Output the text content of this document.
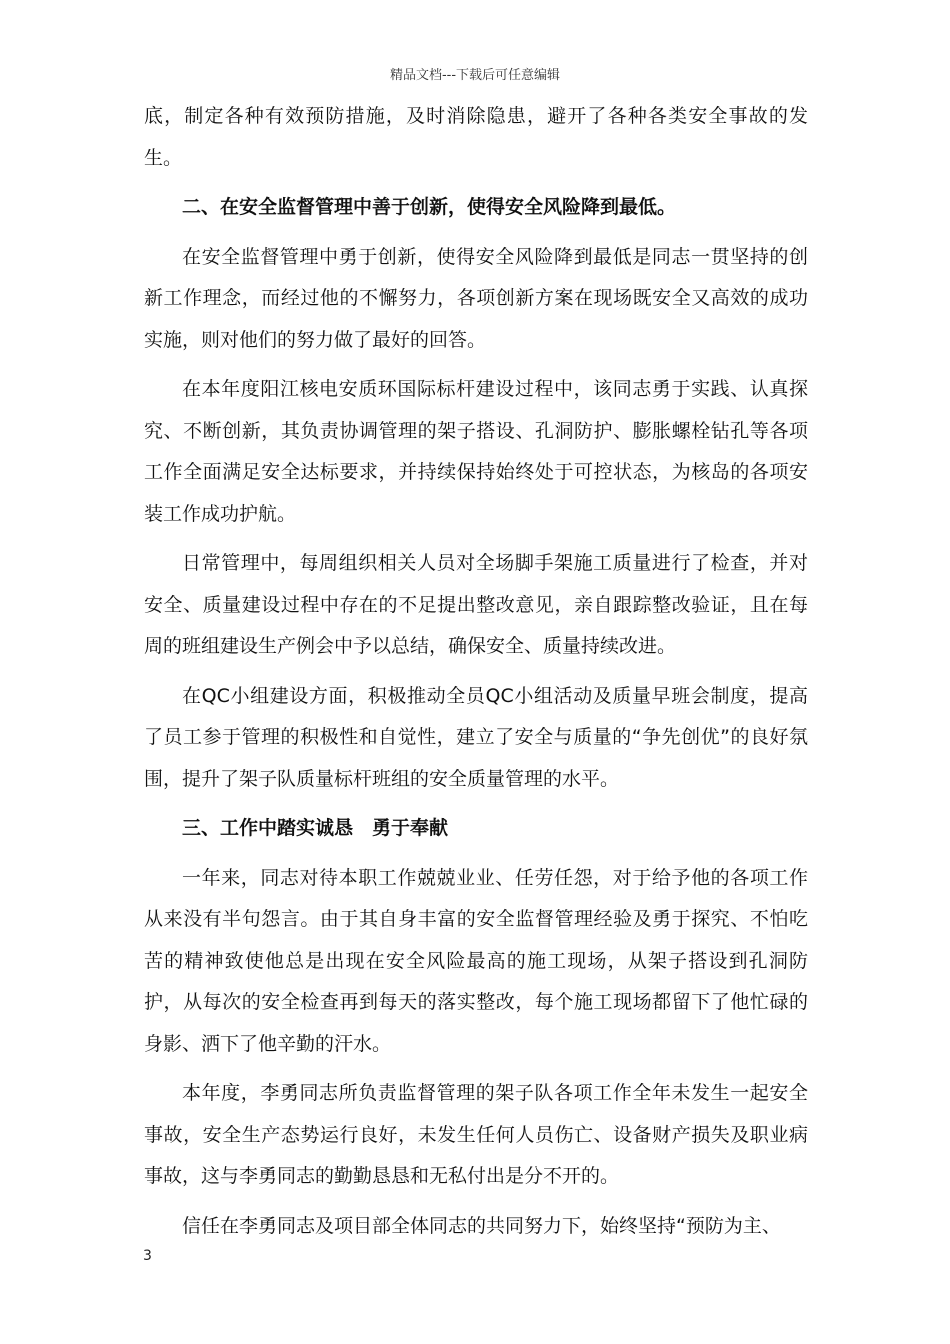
精品文档---下载后可任意编辑

底，制定各种有效预防措施，及时消除隐患，避开了各种各类安全事故的发生。

二、在安全监督管理中善于创新，使得安全风险降到最低。

在安全监督管理中勇于创新，使得安全风险降到最低是同志一贯坚持的创新工作理念，而经过他的不懈努力，各项创新方案在现场既安全又高效的成功实施，则对他们的努力做了最好的回答。

在本年度阳江核电安质环国际标杆建设过程中，该同志勇于实践、认真探究、不断创新，其负责协调管理的架子搭设、孔洞防护、膨胀螺栓钻孔等各项工作全面满足安全达标要求，并持续保持始终处于可控状态，为核岛的各项安装工作成功护航。

日常管理中，每周组织相关人员对全场脚手架施工质量进行了检查，并对安全、质量建设过程中存在的不足提出整改意见，亲自跟踪整改验证，且在每周的班组建设生产例会中予以总结，确保安全、质量持续改进。

在QC小组建设方面，积极推动全员QC小组活动及质量早班会制度，提高了员工参于管理的积极性和自觉性，建立了安全与质量的“争先创优”的良好氛围，提升了架子队质量标杆班组的安全质量管理的水平。

三、工作中踏实诚恳　勇于奉献

一年来，同志对待本职工作兢兢业业、任劳任怨，对于给予他的各项工作从来没有半句怨言。由于其自身丰富的安全监督管理经验及勇于探究、不怕吃苦的精神致使他总是出现在安全风险最高的施工现场，从架子搭设到孔洞防护，从每次的安全检查再到每天的落实整改，每个施工现场都留下了他忙碌的身影、洒下了他辛勤的汗水。

本年度，李勇同志所负责监督管理的架子队各项工作全年未发生一起安全事故，安全生产态势运行良好，未发生任何人员伤亡、设备财产损失及职业病事故，这与李勇同志的勤勤恳恳和无私付出是分不开的。

信任在李勇同志及项目部全体同志的共同努力下，始终坚持“预防为主、

3
